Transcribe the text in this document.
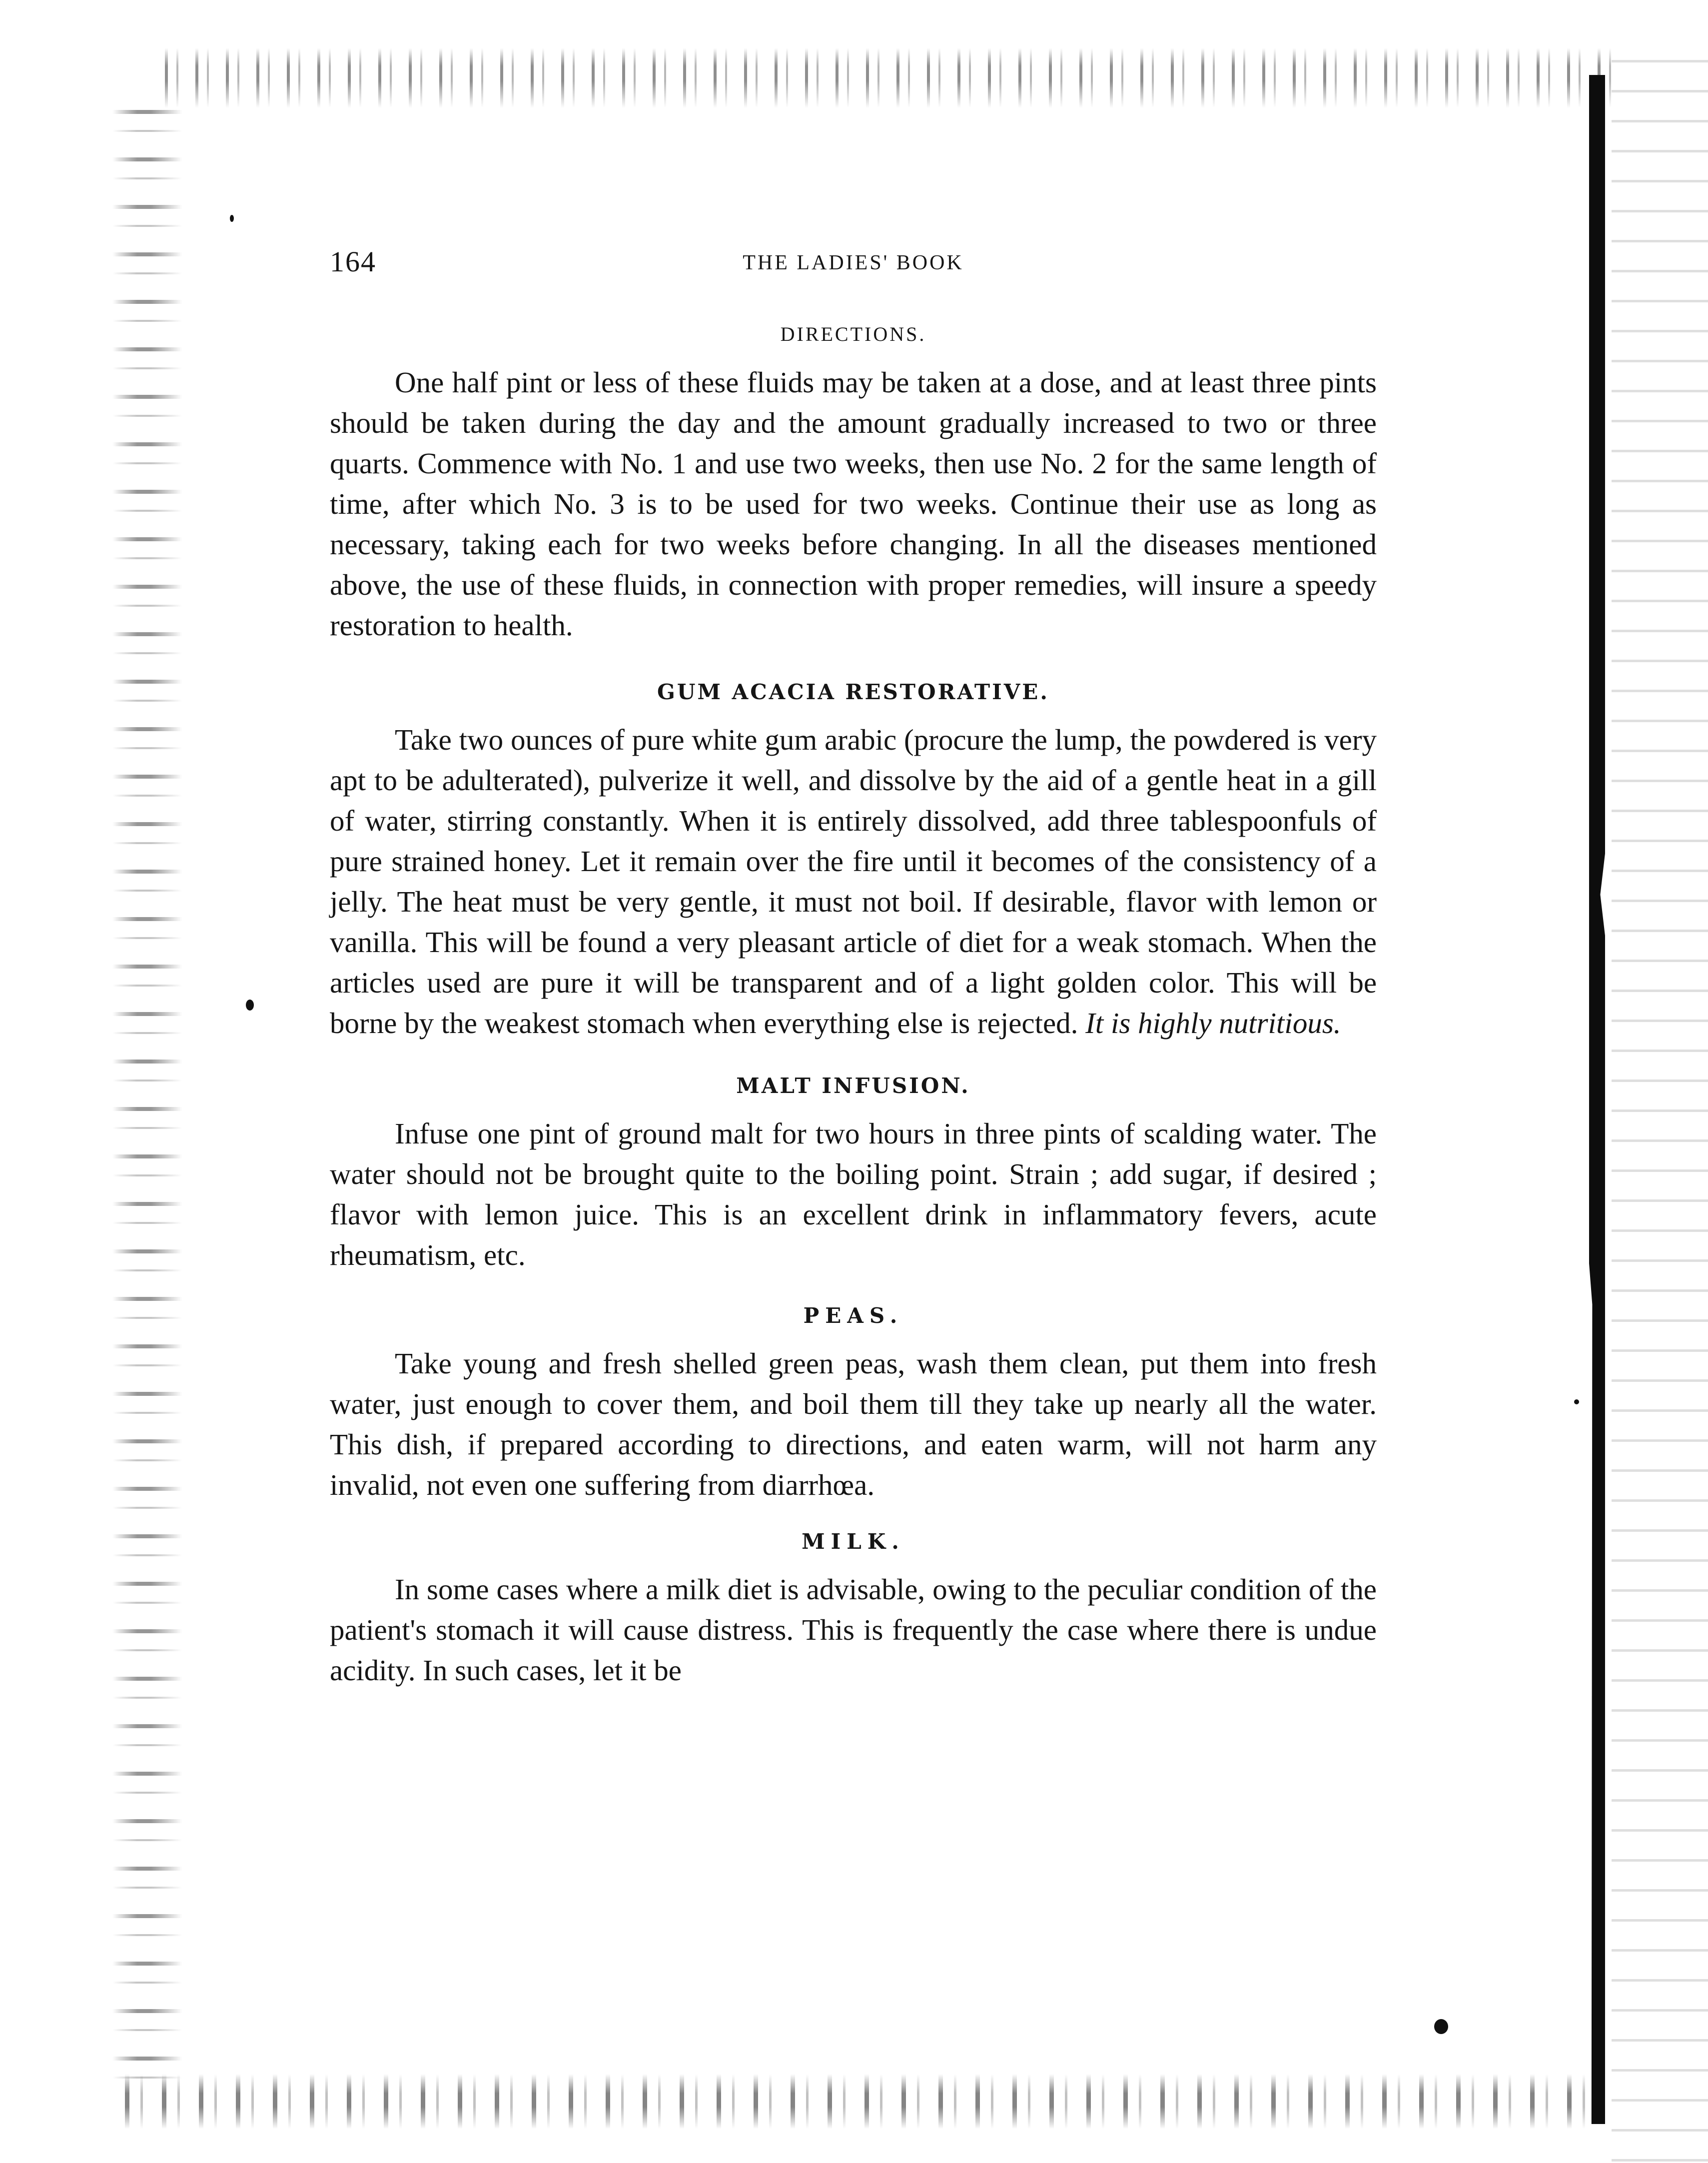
164	THE LADIES' BOOK
DIRECTIONS.

One half pint or less of these fluids may be taken at a dose, and at least three pints should be taken during the day and the amount gradually increased to two or three quarts. Commence with No. 1 and use two weeks, then use No. 2 for the same length of time, after which No. 3 is to be used for two weeks. Continue their use as long as necessary, taking each for two weeks before changing. In all the diseases mentioned above, the use of these fluids, in connection with proper remedies, will insure a speedy restoration to health.

GUM ACACIA RESTORATIVE.

Take two ounces of pure white gum arabic (procure the lump, the powdered is very apt to be adulterated), pulverize it well, and dissolve by the aid of a gentle heat in a gill of water, stirring constantly. When it is entirely dissolved, add three tablespoonfuls of pure strained honey. Let it remain over the fire until it becomes of the consistency of a jelly. The heat must be very gentle, it must not boil. If desirable, flavor with lemon or vanilla. This will be found a very pleasant article of diet for a weak stomach. When the articles used are pure it will be transparent and of a light golden color. This will be borne by the weakest stomach when everything else is rejected. It is highly nutritious.

MALT INFUSION.

Infuse one pint of ground malt for two hours in three pints of scalding water. The water should not be brought quite to the boiling point. Strain ; add sugar, if desired ; flavor with lemon juice. This is an excellent drink in inflammatory fevers, acute rheumatism, etc.

PEAS.

Take young and fresh shelled green peas, wash them clean, put them into fresh water, just enough to cover them, and boil them till they take up nearly all the water. This dish, if prepared according to directions, and eaten warm, will not harm any invalid, not even one suffering from diarrhœa.

MILK.

In some cases where a milk diet is advisable, owing to the peculiar condition of the patient's stomach it will cause distress. This is frequently the case where there is undue acidity. In such cases, let it be
